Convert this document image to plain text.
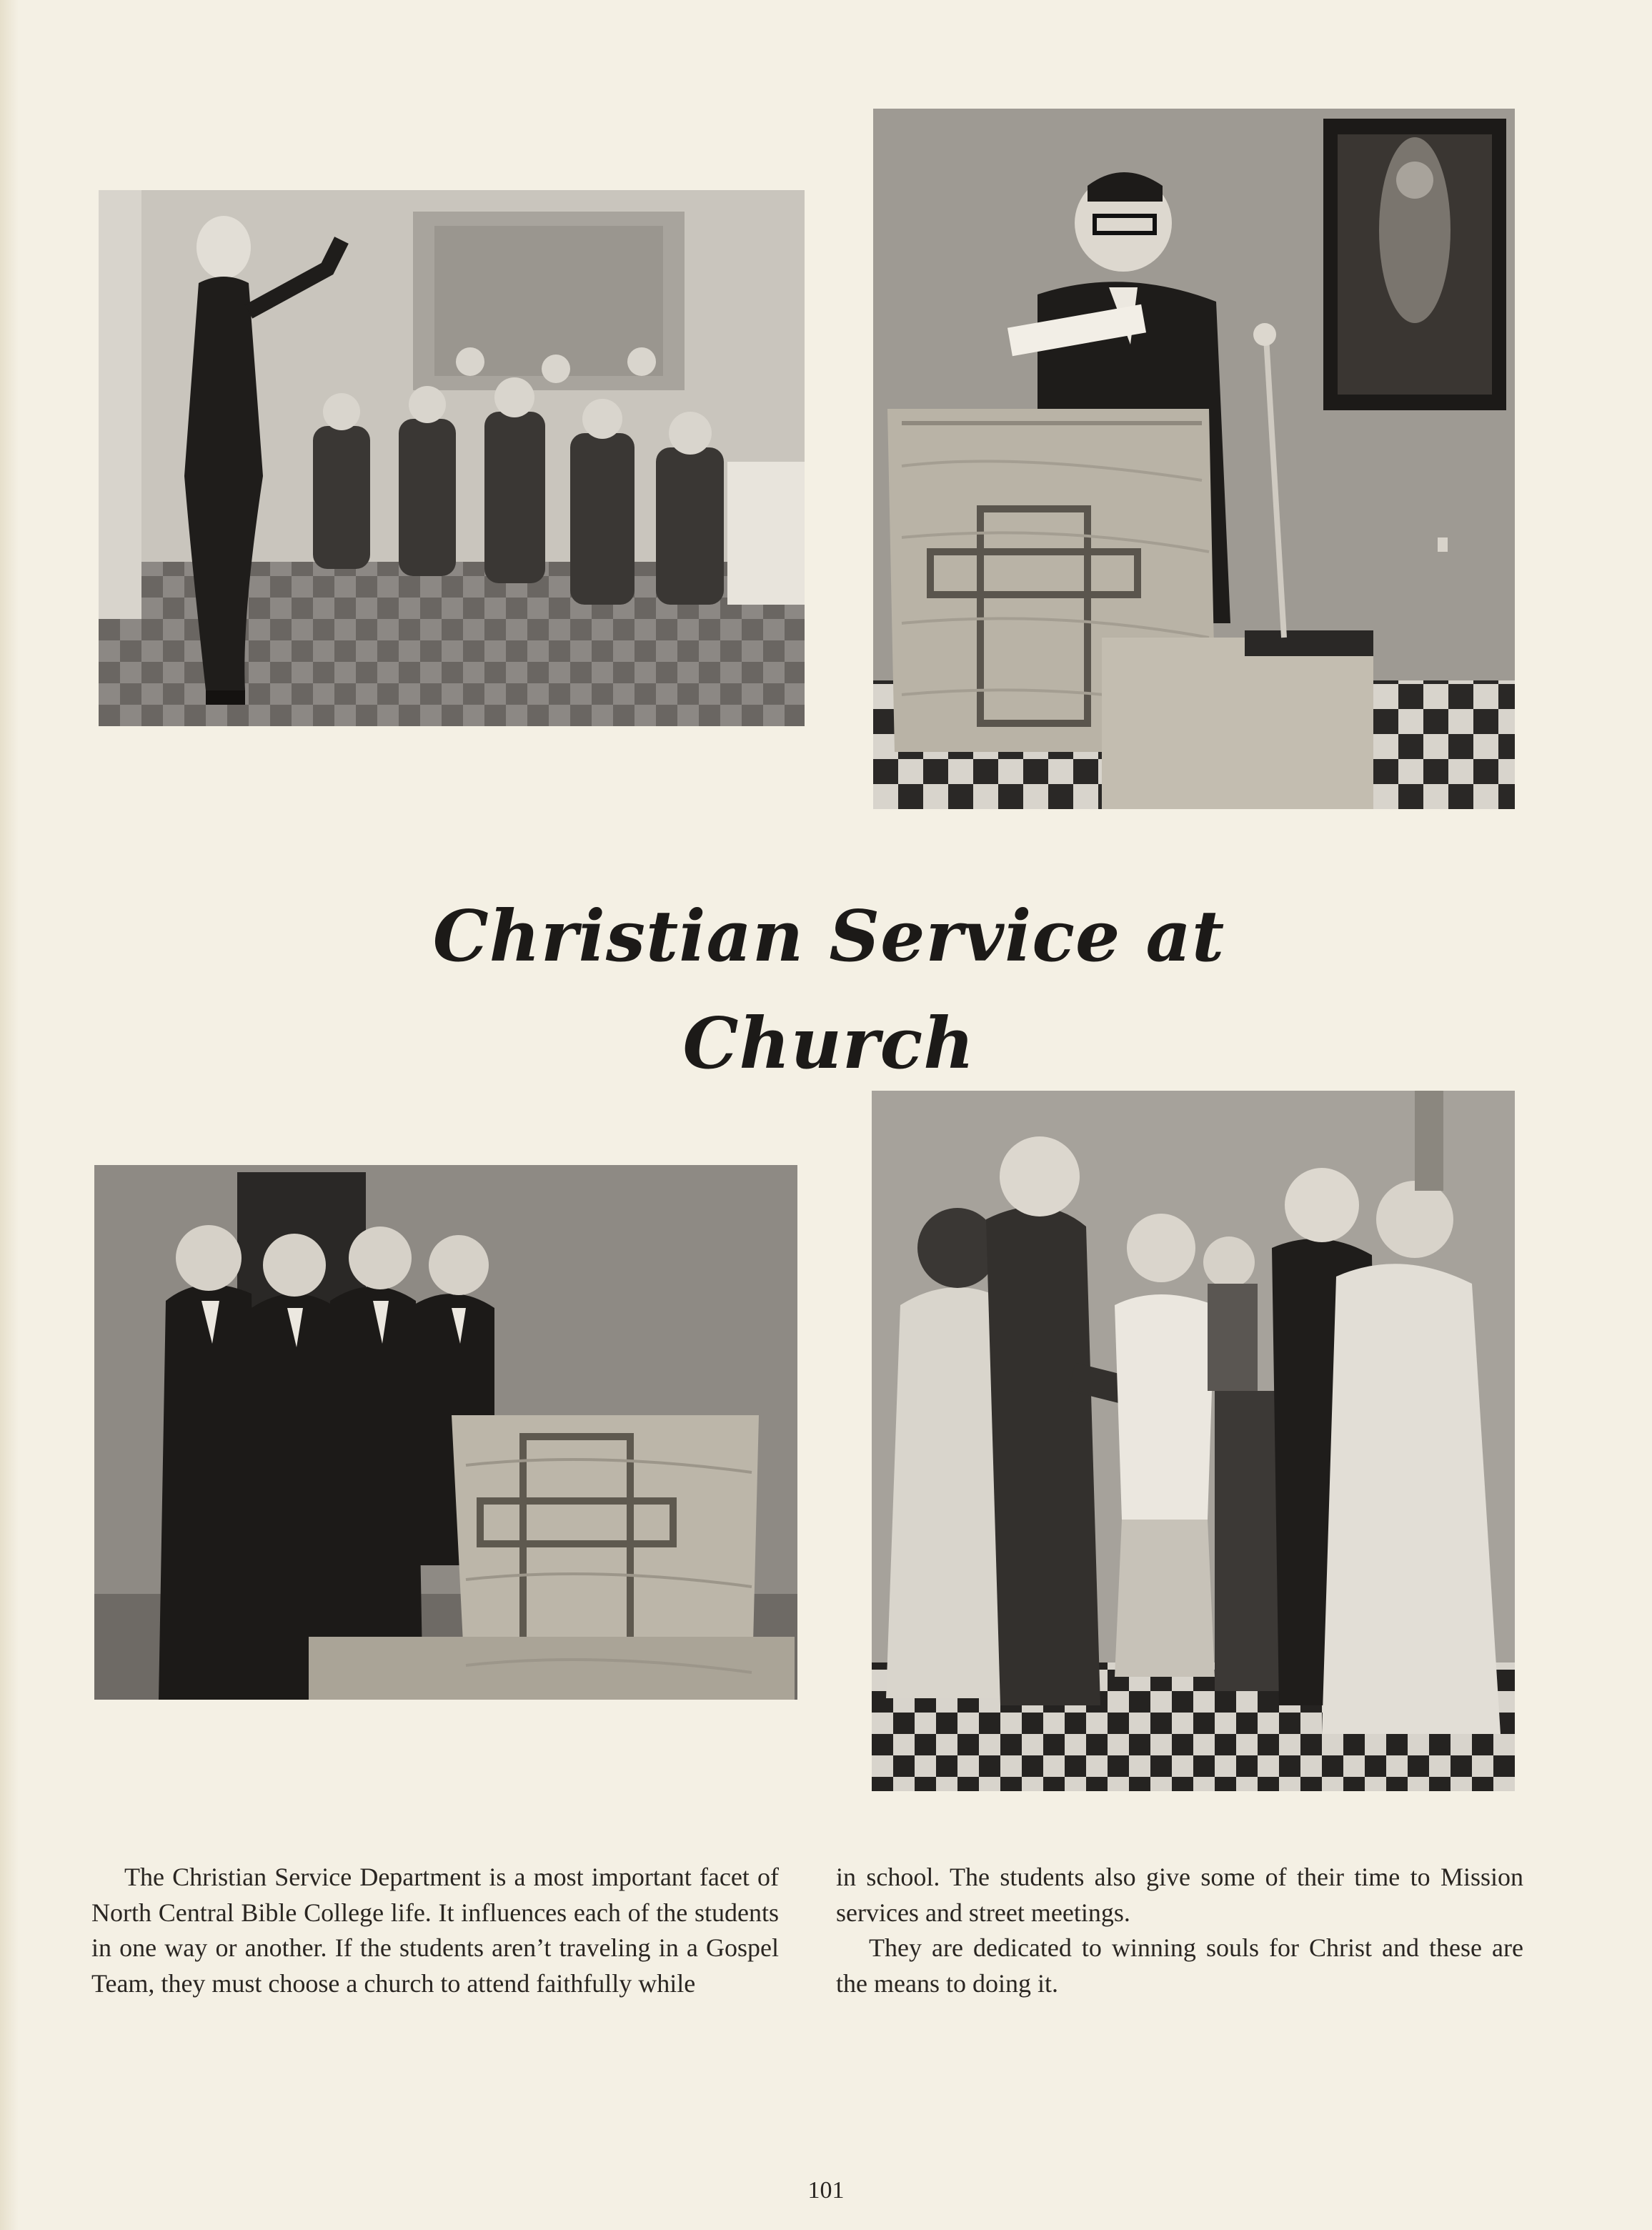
Christian Service at Church

The Christian Service Department is a most important facet of North Central Bible College life. It influences each of the students in one way or another. If the students aren’t traveling in a Gospel Team, they must choose a church to attend faithfully while

in school. The students also give some of their time to Mission services and street meetings.

They are dedicated to winning souls for Christ and these are the means to doing it.

101
